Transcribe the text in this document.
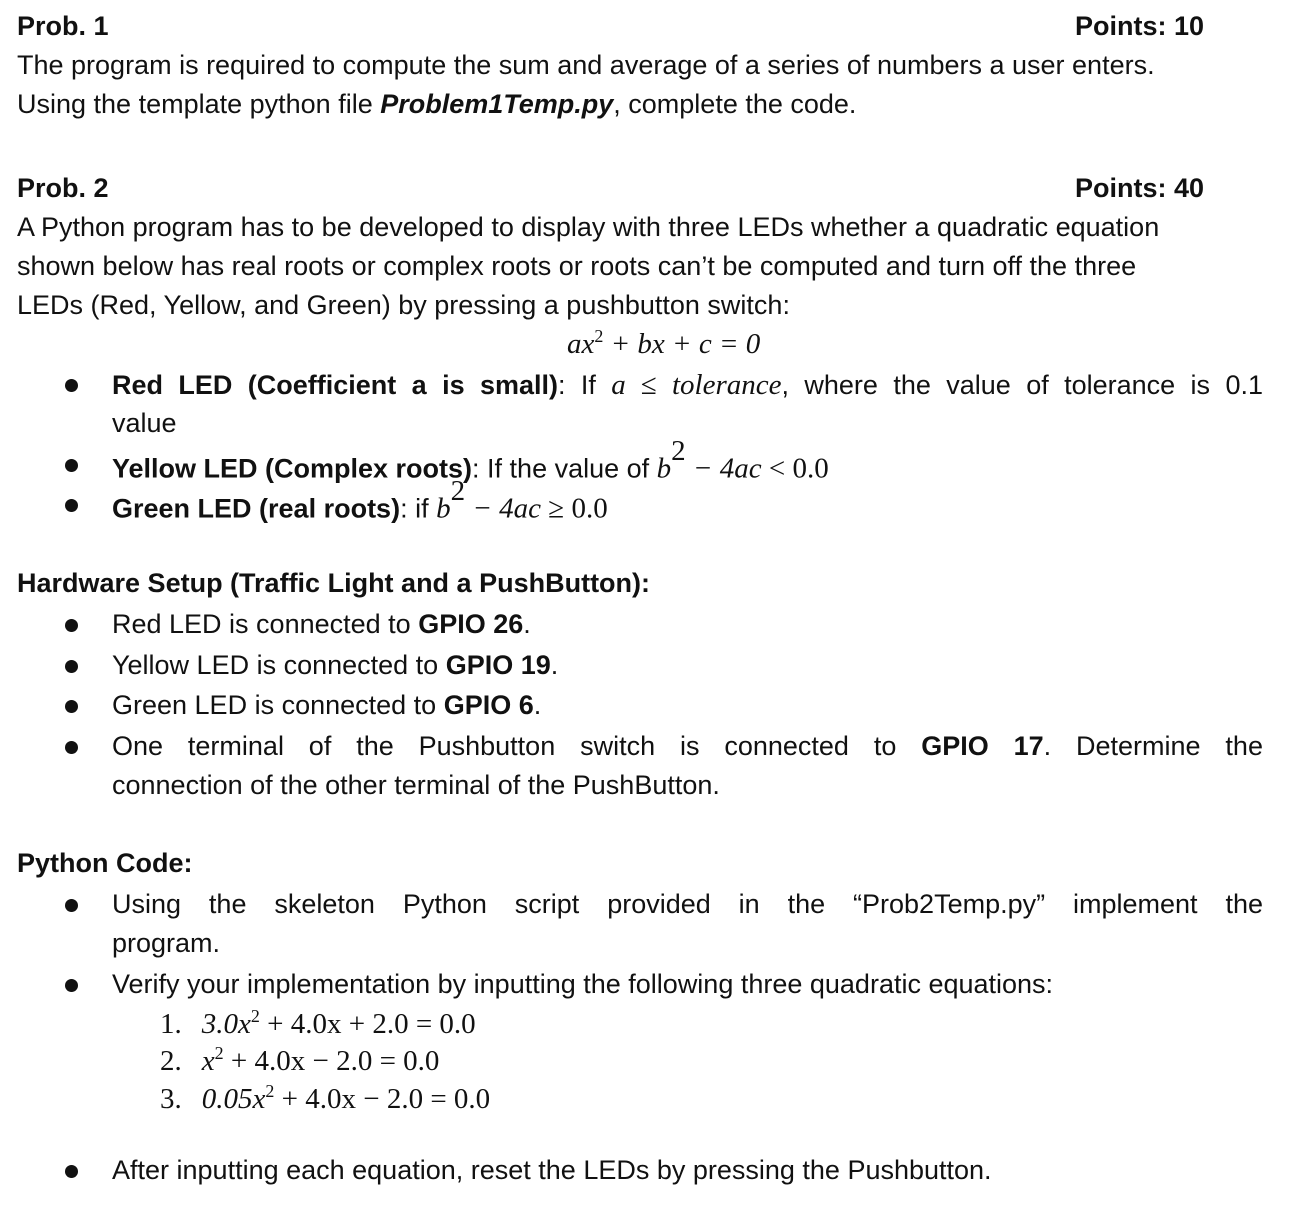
Prob. 1	Points: 10
The program is required to compute the sum and average of a series of numbers a user enters.
Using the template python file Problem1Temp.py, complete the code.
Prob. 2	Points: 40
A Python program has to be developed to display with three LEDs whether a quadratic equation
shown below has real roots or complex roots or roots can’t be computed and turn off the three
LEDs (Red, Yellow, and Green) by pressing a pushbutton switch:
$ax^2$ + bx + c = 0
Red LED (Coefficient a is small): If a ≤ tolerance, where the value of tolerance is 0.1
value
Yellow LED (Complex roots): If the value of $b^2 - 4ac < 0.0$
Green LED (real roots): if $b^2 - 4ac \ge 0.0$
Hardware Setup (Traffic Light and a PushButton):
Red LED is connected to GPIO 26.
Yellow LED is connected to GPIO 19.
Green LED is connected to GPIO 6.
One terminal of the Pushbutton switch is connected to GPIO 17. Determine the
connection of the other terminal of the PushButton.
Python Code:
Using the skeleton Python script provided in the “Prob2Temp.py” implement the
program.
Verify your implementation by inputting the following three quadratic equations:
1. $3.0x^2 + 4.0x + 2.0 = 0.0$
2. $x^2 + 4.0x - 2.0 = 0.0$
3. $0.05x^2 + 4.0x - 2.0 = 0.0$
After inputting each equation, reset the LEDs by pressing the Pushbutton.
